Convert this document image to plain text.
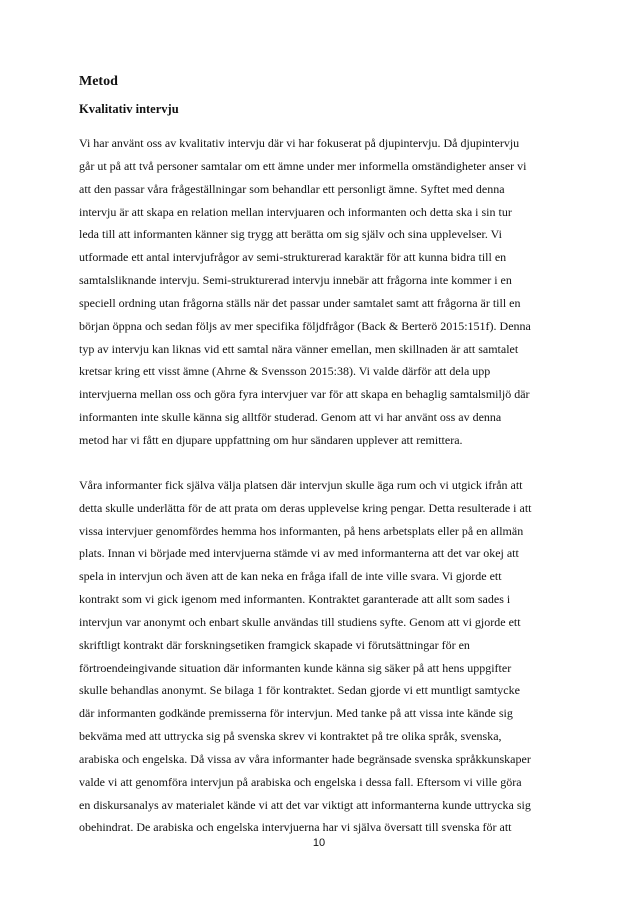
Metod
Kvalitativ intervju

Vi har använt oss av kvalitativ intervju där vi har fokuserat på djupintervju. Då djupintervju
går ut på att två personer samtalar om ett ämne under mer informella omständigheter anser vi
att den passar våra frågeställningar som behandlar ett personligt ämne. Syftet med denna
intervju är att skapa en relation mellan intervjuaren och informanten och detta ska i sin tur
leda till att informanten känner sig trygg att berätta om sig själv och sina upplevelser. Vi
utformade ett antal intervjufrågor av semi-strukturerad karaktär för att kunna bidra till en
samtalsliknande intervju. Semi-strukturerad intervju innebär att frågorna inte kommer i en
speciell ordning utan frågorna ställs när det passar under samtalet samt att frågorna är till en
början öppna och sedan följs av mer specifika följdfrågor (Back & Berterö 2015:151f). Denna
typ av intervju kan liknas vid ett samtal nära vänner emellan, men skillnaden är att samtalet
kretsar kring ett visst ämne (Ahrne & Svensson 2015:38). Vi valde därför att dela upp
intervjuerna mellan oss och göra fyra intervjuer var för att skapa en behaglig samtalsmiljö där
informanten inte skulle känna sig alltför studerad. Genom att vi har använt oss av denna
metod har vi fått en djupare uppfattning om hur sändaren upplever att remittera.

Våra informanter fick själva välja platsen där intervjun skulle äga rum och vi utgick ifrån att
detta skulle underlätta för de att prata om deras upplevelse kring pengar. Detta resulterade i att
vissa intervjuer genomfördes hemma hos informanten, på hens arbetsplats eller på en allmän
plats. Innan vi började med intervjuerna stämde vi av med informanterna att det var okej att
spela in intervjun och även att de kan neka en fråga ifall de inte ville svara. Vi gjorde ett
kontrakt som vi gick igenom med informanten. Kontraktet garanterade att allt som sades i
intervjun var anonymt och enbart skulle användas till studiens syfte. Genom att vi gjorde ett
skriftligt kontrakt där forskningsetiken framgick skapade vi förutsättningar för en
förtroendeingivande situation där informanten kunde känna sig säker på att hens uppgifter
skulle behandlas anonymt. Se bilaga 1 för kontraktet. Sedan gjorde vi ett muntligt samtycke
där informanten godkände premisserna för intervjun. Med tanke på att vissa inte kände sig
bekväma med att uttrycka sig på svenska skrev vi kontraktet på tre olika språk, svenska,
arabiska och engelska. Då vissa av våra informanter hade begränsade svenska språkkunskaper
valde vi att genomföra intervjun på arabiska och engelska i dessa fall. Eftersom vi ville göra
en diskursanalys av materialet kände vi att det var viktigt att informanterna kunde uttrycka sig
obehindrat. De arabiska och engelska intervjuerna har vi själva översatt till svenska för att

10
